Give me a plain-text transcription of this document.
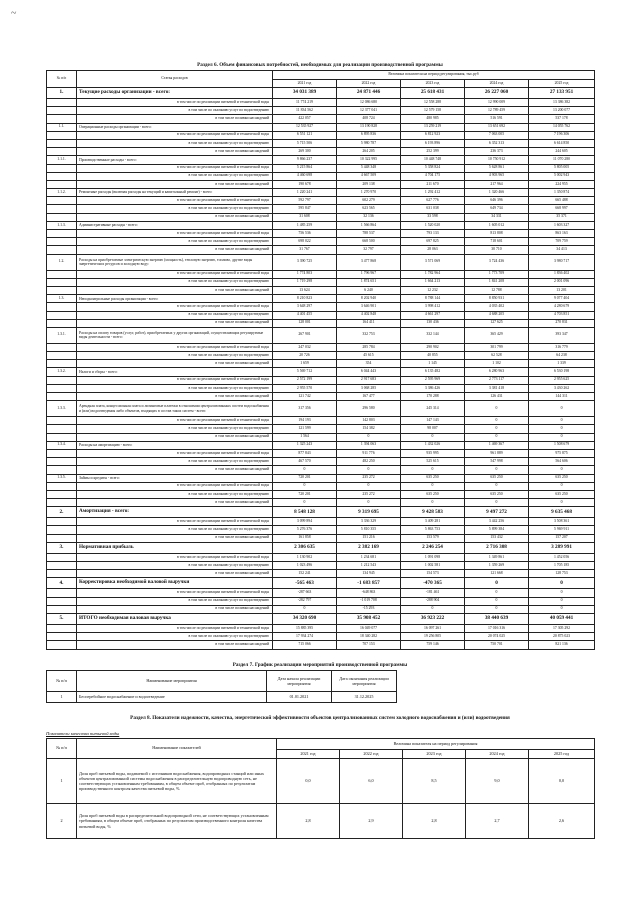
~
Раздел 6. Объем финансовых потребностей, необходимых для реализации производственной программы
№ п/п	Статья расходов	Величина показателя на период регулирования, тыс.руб				
		2021 год	2022 год	2023 год	2024 год	2025 год
1.	Текущие расходы организации - всего:	34 031 389	24 871 446	25 618 431	26 227 060	27 133 951
	в том числе по реализации питьевой и технической воды	11 774 219	12 086 680	12 558 288	12 990 009	13 386 382
	в том числе по оказанию услуг по водоотведению	11 834 562	12 377 041	12 579 158	12 789 459	13 200 077
	в том числе поливки насаждений	422 057	408 724	480 985	516 591	537 178
1.1.	Операционные расходы организации - всего:	12 535 927	13 190 828	13 259 219	13 651 692	14 055 762
	в том числе по реализации питьевой и технической воды	6 551 121	6 895 836	6 812 923	7 063 005	7 196 306
	в том числе по оказанию услуг по водоотведению	5 715 506	5 980 787	6 193 896	6 352 313	6 614 850
	в том числе поливки насаждений	269 300	264 205	252 399	236 373	244 605
1.1.1.	Производственные расходы - всего:	9 866 237	10 322 995	10 448 748	10 750 912	11 070 280
	в том числе по реализации питьевой и технической воды	5 215 864	5 448 348	5 358 824	5 628 861	5 805 005
	в том числе по оказанию услуг по водоотведению	4 460 698	4 667 509	4 704 175	4 903 965	5 002 943
	в том числе поливки насаждений	190 678	209 138	211 670	217 964	224 955
1.1.2.	Ремонтные расходы (включая расходы на текущий и капитальный ремонт) - всего:	1 220 241	1 270 970	1 292 412	1 320 466	1 350 874
	в том числе по реализации питьевой и технической воды	592 797	602 279	627 776	646 396	665 488
	в том числе по оказанию услуг по водоотведению	595 847	623 565	631 038	649 734	668 997
	в том числе поливки насаждений	31 608	32 136	33 598	34 331	35 371
1.1.3.	Административные расходы - всего:	1 485 259	1 566 864	1 520 020	1 605 012	1 603 327
	в том числе по реализации питьевой и технической воды	756 536	788 537	793 133	813 808	863 163
	в том числе по оказанию услуг по водоотведению	698 022	668 500	697 825	718 601	709 759
	в том числе поливки насаждений	31 767	32 797	28 063	30 710	34 413
1.2.	Расходы на приобретаемые электрическую энергию (мощность), тепловую энергию, топливо, другие виды энергетических ресурсов и холодную воду:	3 390 725	3 477 868	3 571 069	3 724 436	3 980 717
	в том числе по реализации питьевой и технической воды	1 774 803	1 796 967	1 782 964	1 773 709	1 836 402
	в том числе по оказанию услуг по водоотведению	1 719 298	1 874 651	1 664 213	1 841 208	2 001 096
	в том числе поливки насаждений	13 624	6 240	12 232	12 788	13 201
1.3.	Неподконтрольные расходы организации - всего:	8 210 823	8 202 940	8 788 144	8 850 931	9 077 404
	в том числе по реализации питьевой и технической воды	3 648 297	3 646 901	3 998 412	4 035 402	4 280 679
	в том числе по оказанию услуг по водоотведению	4 401 455	4 402 848	4 661 297	4 688 205	4 703 851
	в том числе поливки насаждений	128 001	164 411	130 436	127 625	270 831
1.3.1.	Расходы на оплату товаров (услуг, работ), приобретаемых у других организаций, осуществляющих регулируемые виды деятельности - всего:	267 901	332 753	332 144	365 429	393 347
	в том числе по реализации питьевой и технической воды	247 032	285 784	290 902	301 799	316 779
	в том числе по оказанию услуг по водоотведению	20 726	45 615	40 855	62 528	64 238
	в том числе поливки насаждений	1 659	354	1 145	1 102	1 339
1.3.2.	Налоги и сборы - всего:	5 569 712	6 044 443	6 135 482	6 280 963	6 530 198
	в том числе по реализации питьевой и технической воды	2 572 199	2 917 683	2 595 969	2 773 117	2 955 625
	в том числе по оказанию услуг по водоотведению	2 955 570	3 068 285	3 386 426	3 381 418	3 430 262
	в том числе поливки насаждений	121 742	167 477	170 288	126 431	144 311
1.3.3.	Арендная плата, концессионная плата и лизинговые платежи в отношении централизованных систем водоснабжения и (или) водоотведения либо объектов, входящих в состав таких систем - всего:	317 356	296 580	245 314	0	0
	в том числе по реализации питьевой и технической воды	194 193	142 803	147 143	0	0
	в том числе по оказанию услуг по водоотведению	121 599	154 382	98 007	0	0
	в том числе поливки насаждений	1 564	0	0	0	0
1.3.4.	Расходы на амортизацию - всего:	1 325 243	1 394 063	1 432 026	1 469 367	1 508 679
	в том числе по реализации питьевой и технической воды	877 843	911 776	935 995	961 889	975 875
	в том числе по оказанию услуг по водоотведению	467 570	482 250	525 615	547 998	564 606
	в том числе поливки насаждений	0	0	0	0	0
1.3.5.	Займы и кредиты - всего:	720 201	235 272	635 250	635 250	635 250
	в том числе по реализации питьевой и технической воды	0	0	0	0	0
	в том числе по оказанию услуг по водоотведению	720 201	235 272	635 250	635 250	635 250
	в том числе поливки насаждений	0	0	0	0	0
2.	Амортизация - всего:	8 548 128	9 319 695	9 428 583	9 497 272	9 635 468
	в том числе по реализации питьевой и технической воды	3 099 894	3 336 329	3 409 281	3 442 256	3 508 361
	в том числе по оказанию услуг по водоотведению	5 276 376	5 810 355	5 863 753	5 899 384	5 969 911
	в том числе поливки насаждений	161 858	151 216	153 579	153 432	157 207
3.	Нормативная прибыль	2 306 635	2 382 169	2 246 254	2 716 308	3 289 991
	в том числе по реализации питьевой и технической воды	1 130 902	1 234 681	1 091 098	1 349 861	1 452 056
	в том числе по оказанию услуг по водоотведению	1 023 496	1 212 543	1 002 581	1 359 269	1 705 185
	в том числе поливки насаждений	152 241	134 945	154 573	121 668	128 753
4.	Корректировка необходимой валовой выручки	-565 463	-1 683 857	-470 365	0	0
	в том числе по реализации питьевой и технической воды	-287 663	-648 863	-181 461	0	0
	в том числе по оказанию услуг по водоотведению	-282 797	-1 019 708	-288 904	0	0
	в том числе поливки насаждений	0	-15 293	0	0	0
5.	ИТОГО необходимая валовая выручка	34 320 690	35 908 452	36 923 222	38 440 639	40 059 441
	в том числе по реализации питьевой и технической воды	15 885 395	16 049 077	16 097 261	17 016 316	17 305 292
	в том числе по оказанию услуг по водоотведению	17 934 274	18 340 282	19 256 805	20 074 025	20 875 023
	в том числе поливки насаждений	715 066	707 153	759 146	750 701	821 136
Раздел 7. График реализации мероприятий производственной программы
№ п/п	Наименование мероприятия	Дата начала реализации мероприятия	Дата окончания реализации мероприятия
1	Бесперебойное водоснабжение и водоотведение	01.01.2021	31.12.2025
Раздел 8. Показатели надежности, качества, энергетической эффективности объектов централизованных систем холодного водоснабжения и (или) водоотведения
Показатели качества питьевой воды
№ п/п	Наименование показателей	Величина показателя на период регулирования				
		2021 год	2022 год	2023 год	2024 год	2025 год
1	Доля проб питьевой воды, подаваемой с источников водоснабжения, водопроводных станций или иных объектов централизованной системы водоснабжения в распределительную водопроводную сеть, не соответствующих установленным требованиям, в общем объеме проб, отобранных по результатам производственного контроля качества питьевой воды, %	0,0	6,0	8,5	9,0	0,0
2	Доля проб питьевой воды в распределительной водопроводной сети, не соответствующих установленным требованиям, в общем объеме проб, отобранных по результатам производственного контроля качества питьевой воды, %	2,8	2,9	2,8	2,7	2,6
